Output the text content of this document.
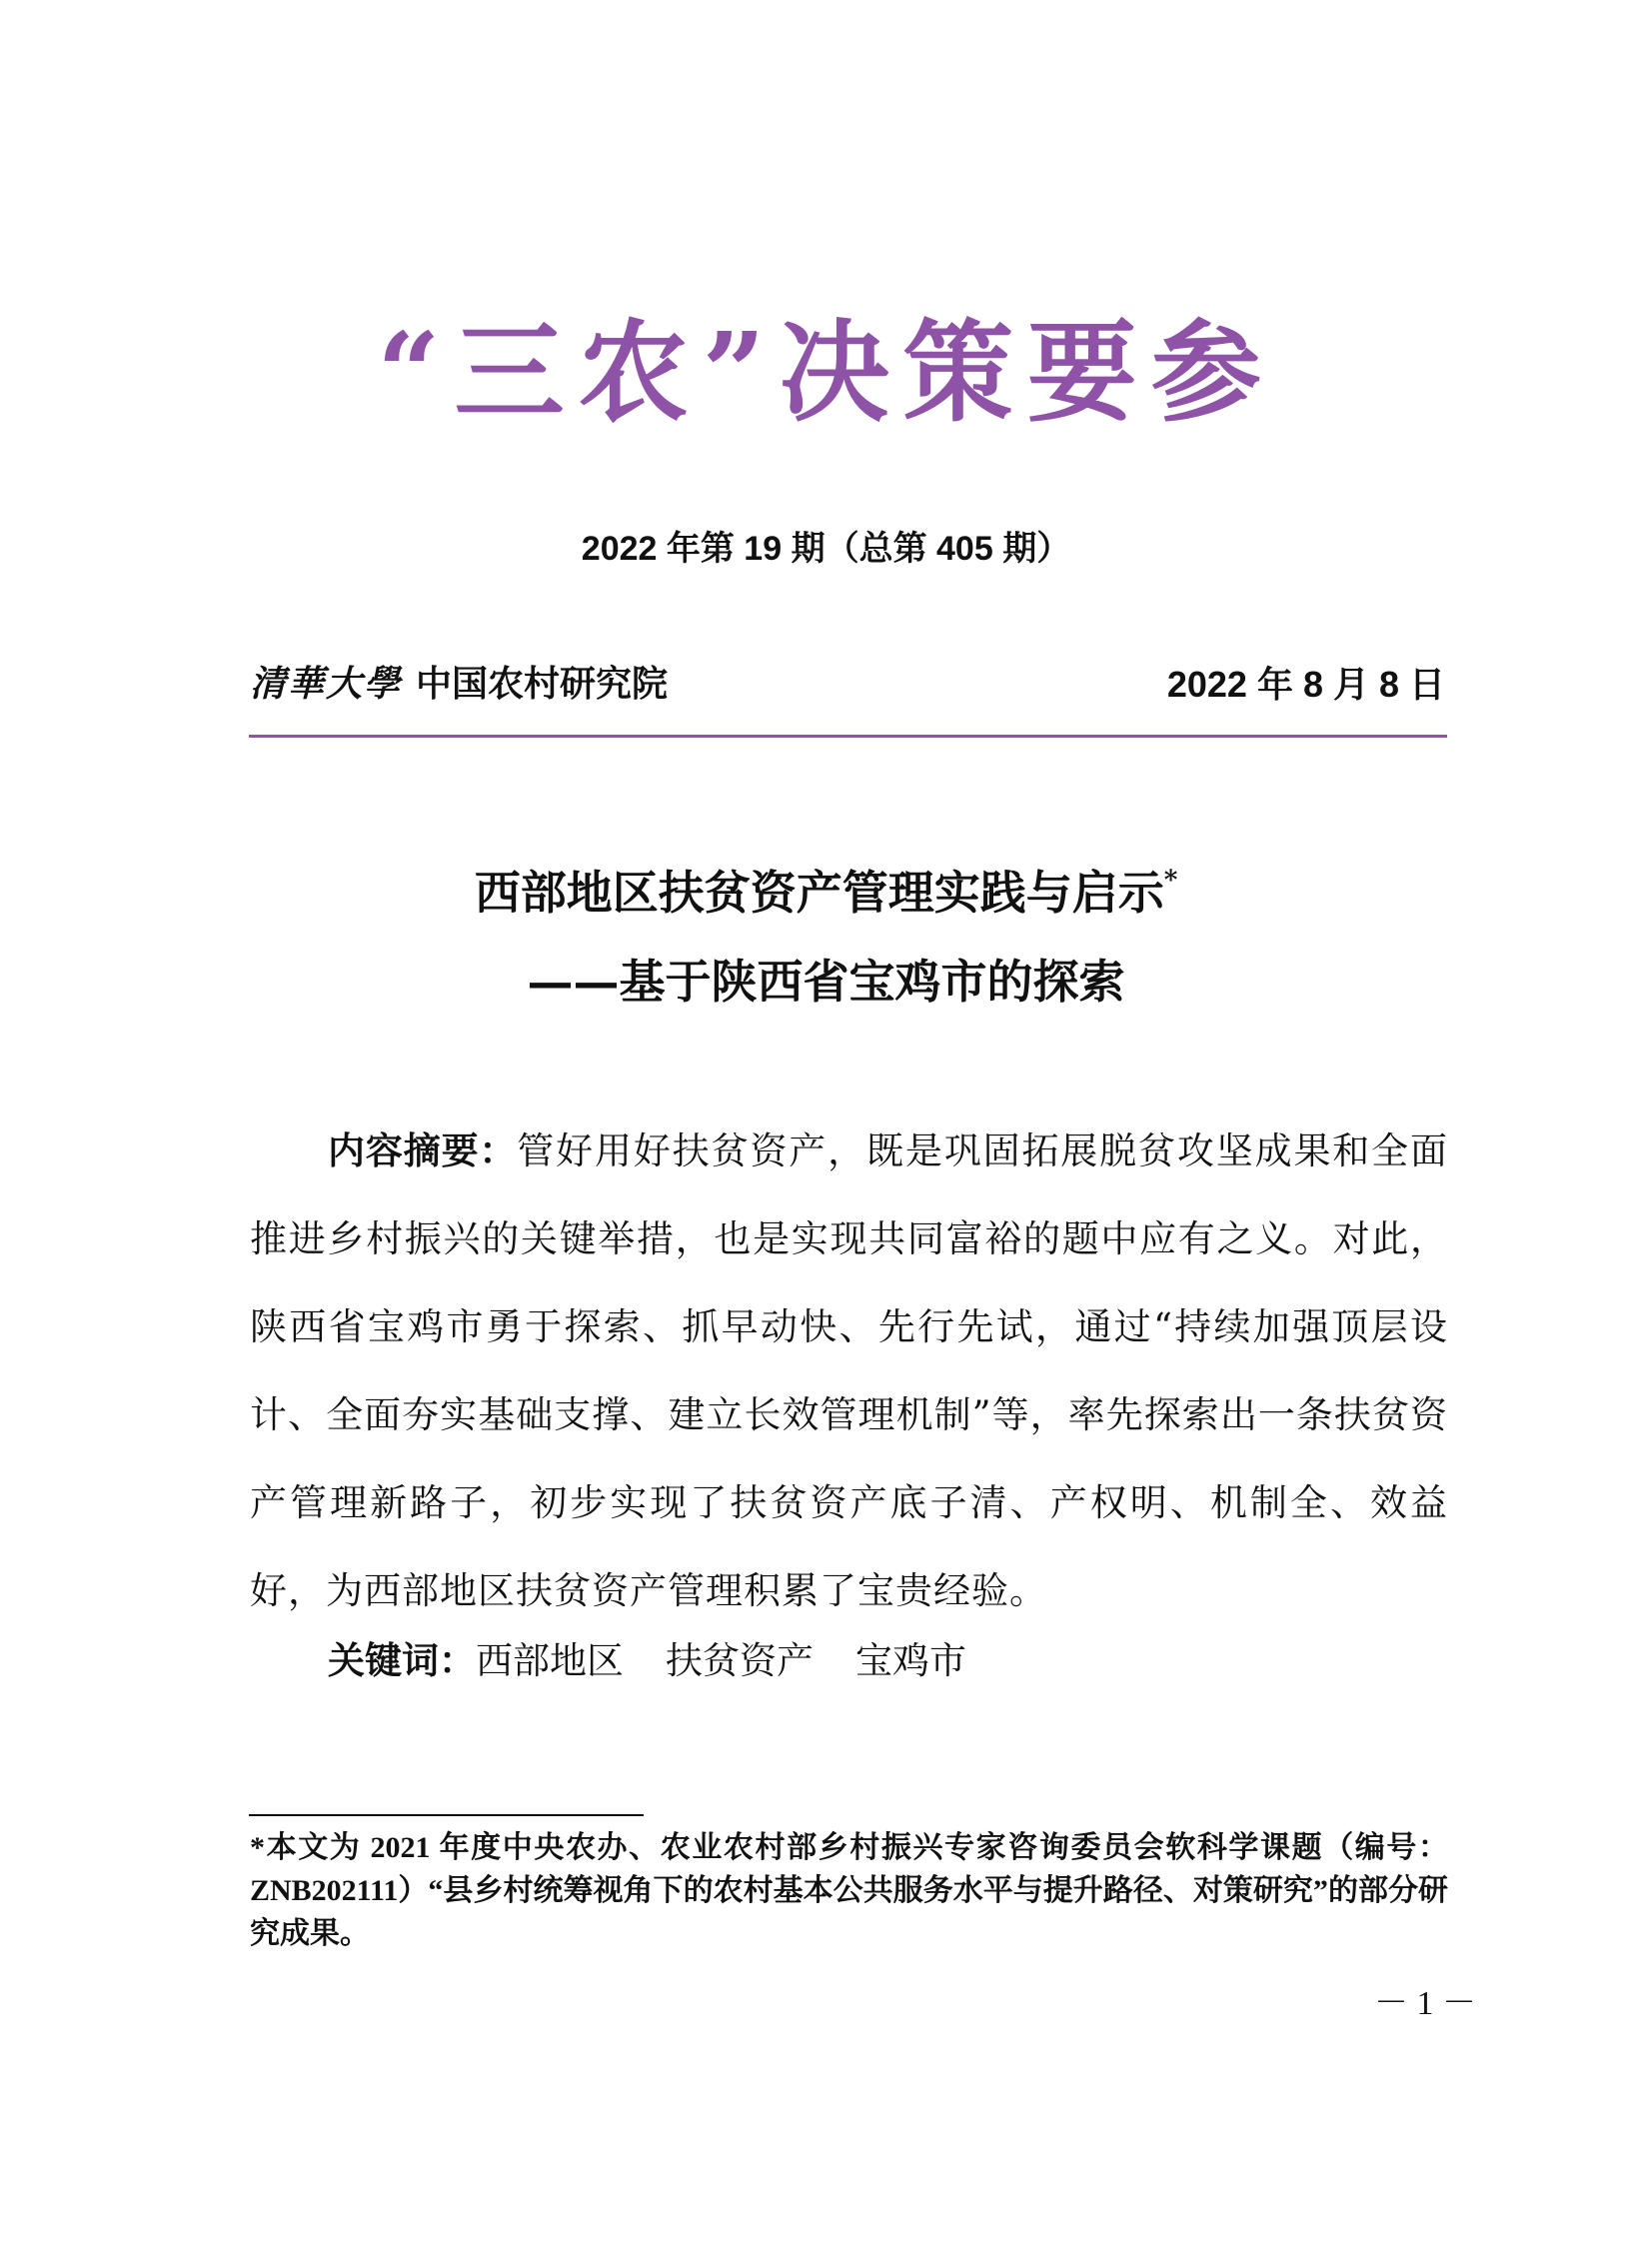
“三农”决策要参
2022 年第 19 期（总第 405 期）
清華大學 中国农村研究院	2022 年 8 月 8 日
西部地区扶贫资产管理实践与启示*
——基于陕西省宝鸡市的探索
内容摘要：管好用好扶贫资产，既是巩固拓展脱贫攻坚成果和全面推进乡村振兴的关键举措，也是实现共同富裕的题中应有之义。对此，陕西省宝鸡市勇于探索、抓早动快、先行先试，通过“持续加强顶层设计、全面夯实基础支撑、建立长效管理机制”等，率先探索出一条扶贫资产管理新路子，初步实现了扶贫资产底子清、产权明、机制全、效益好，为西部地区扶贫资产管理积累了宝贵经验。
关键词：西部地区 扶贫资产 宝鸡市
*本文为 2021 年度中央农办、农业农村部乡村振兴专家咨询委员会软科学课题（编号：ZNB202111）“县乡村统筹视角下的农村基本公共服务水平与提升路径、对策研究”的部分研究成果。
－ 1 －
